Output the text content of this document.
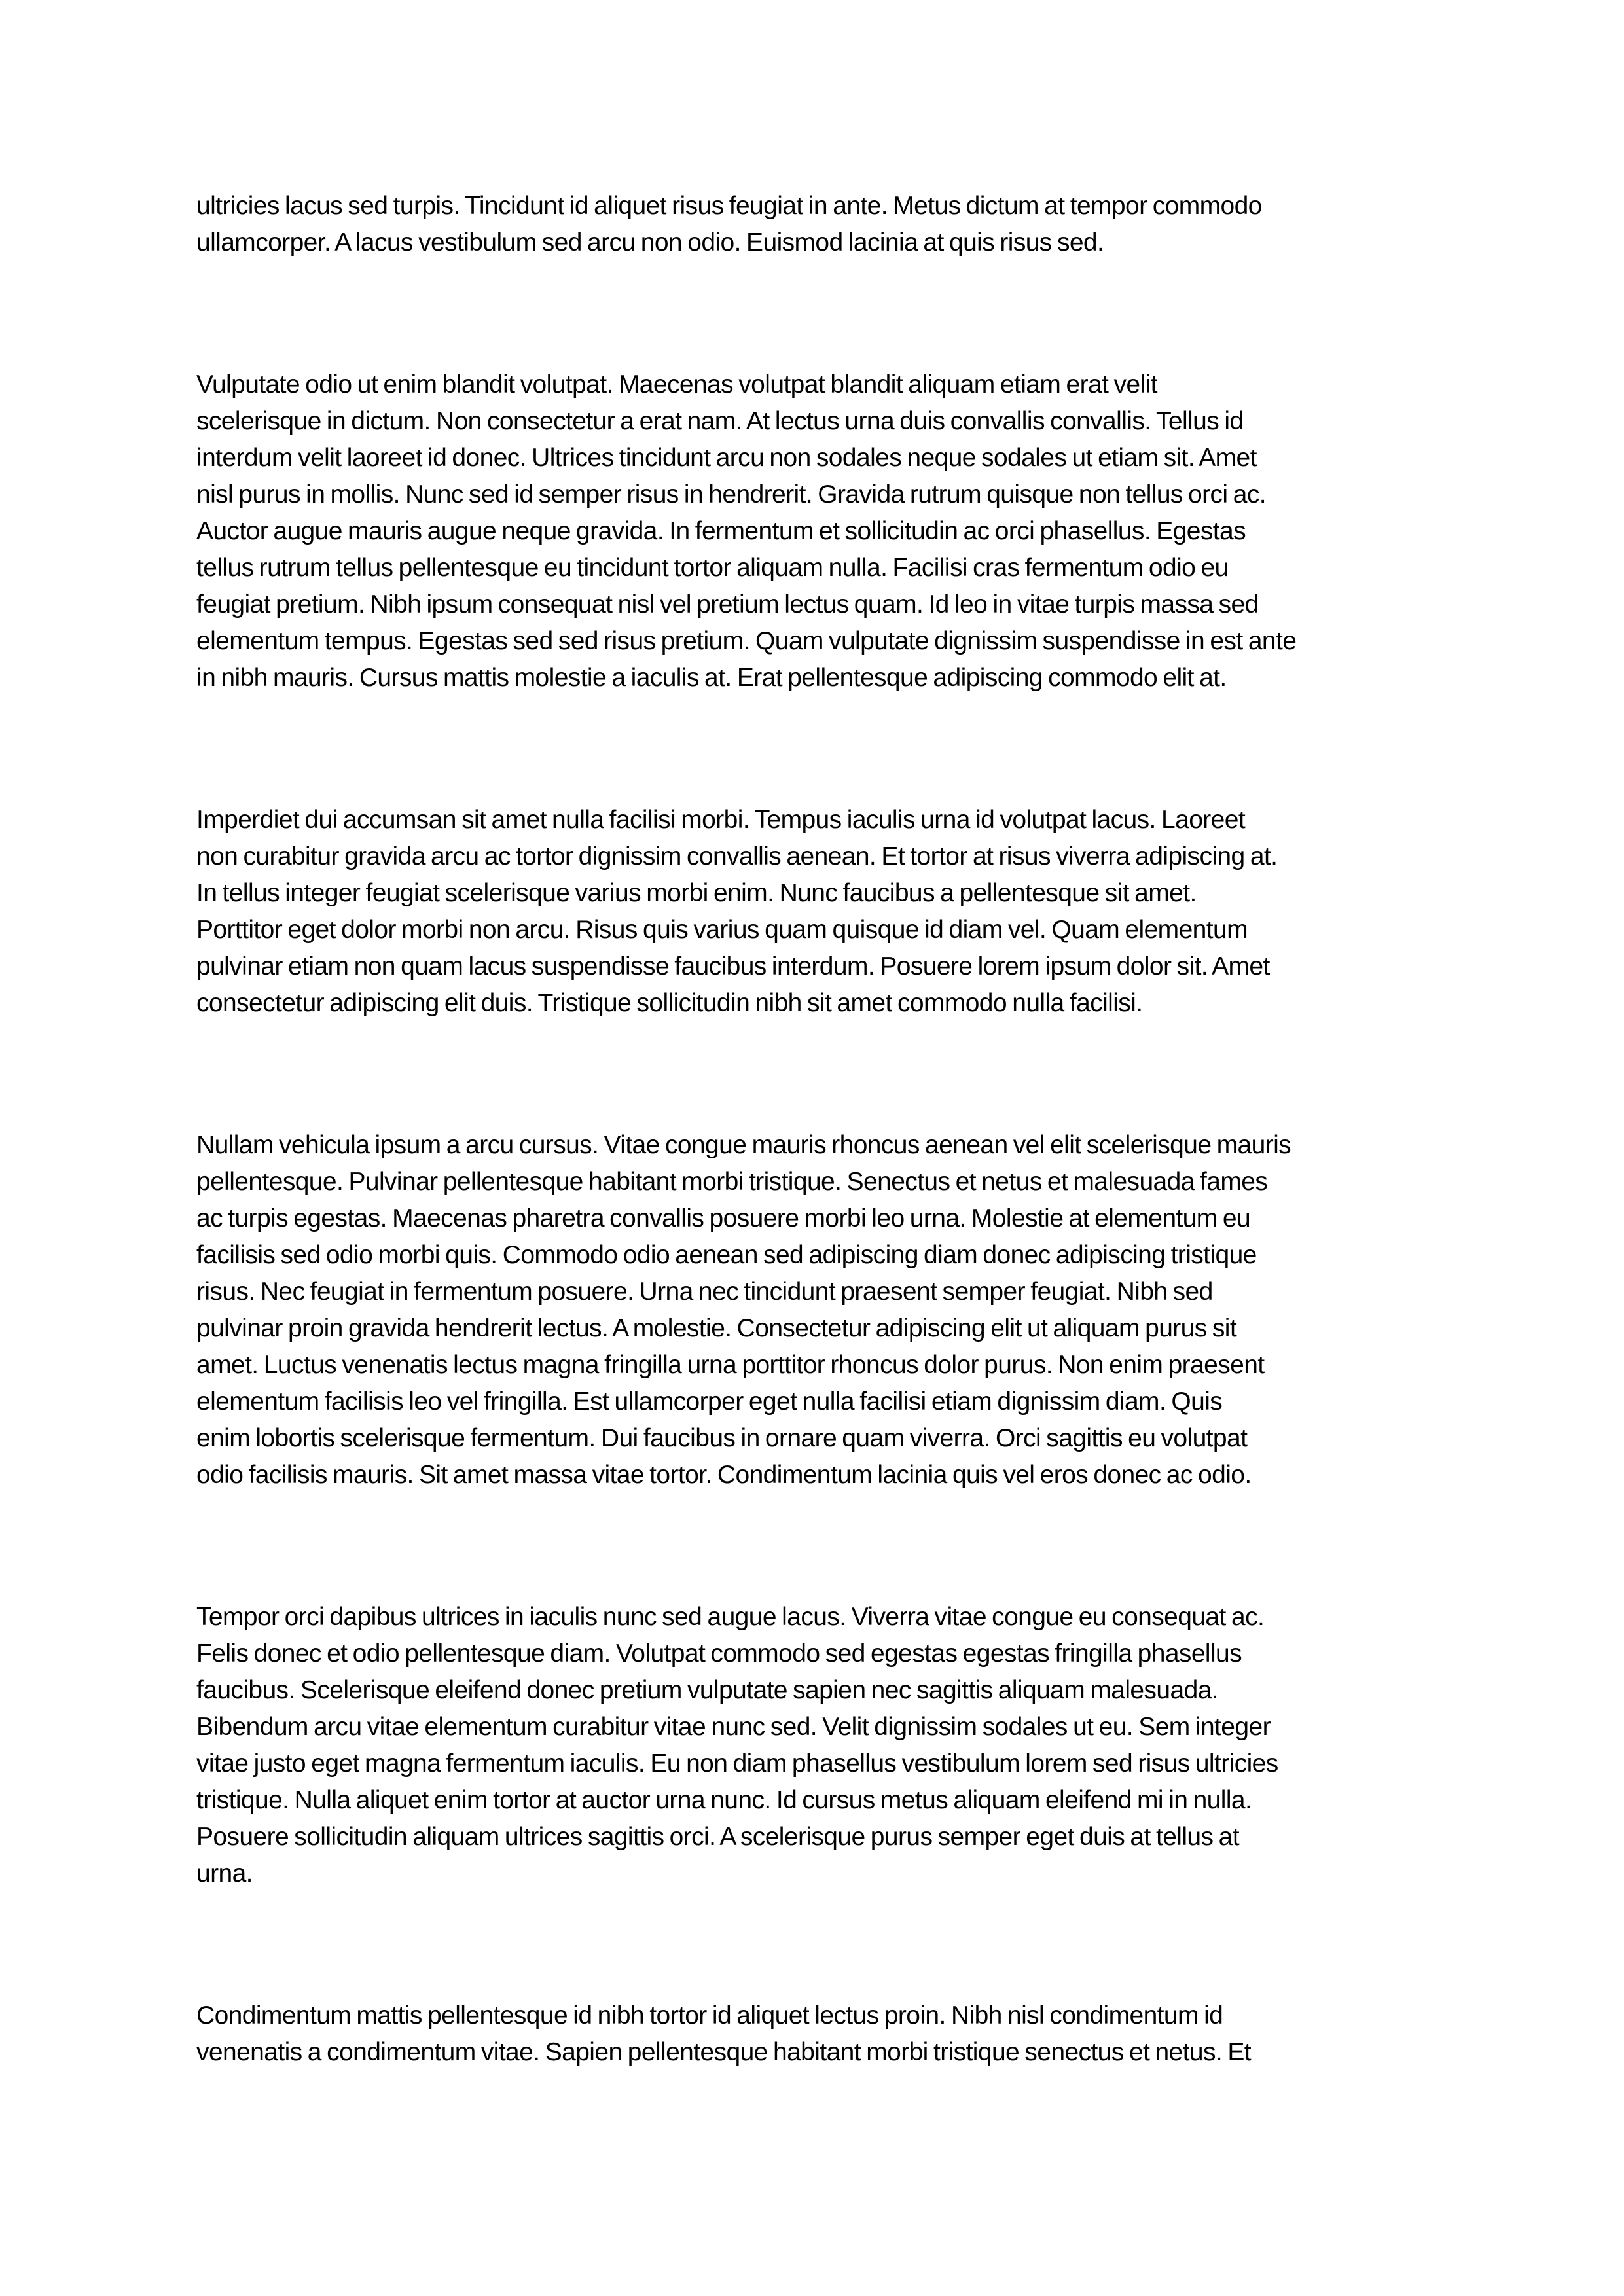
ultricies lacus sed turpis. Tincidunt id aliquet risus feugiat in ante. Metus dictum at tempor commodo
ullamcorper. A lacus vestibulum sed arcu non odio. Euismod lacinia at quis risus sed.
Vulputate odio ut enim blandit volutpat. Maecenas volutpat blandit aliquam etiam erat velit
scelerisque in dictum. Non consectetur a erat nam. At lectus urna duis convallis convallis. Tellus id
interdum velit laoreet id donec. Ultrices tincidunt arcu non sodales neque sodales ut etiam sit. Amet
nisl purus in mollis. Nunc sed id semper risus in hendrerit. Gravida rutrum quisque non tellus orci ac.
Auctor augue mauris augue neque gravida. In fermentum et sollicitudin ac orci phasellus. Egestas
tellus rutrum tellus pellentesque eu tincidunt tortor aliquam nulla. Facilisi cras fermentum odio eu
feugiat pretium. Nibh ipsum consequat nisl vel pretium lectus quam. Id leo in vitae turpis massa sed
elementum tempus. Egestas sed sed risus pretium. Quam vulputate dignissim suspendisse in est ante
in nibh mauris. Cursus mattis molestie a iaculis at. Erat pellentesque adipiscing commodo elit at.
Imperdiet dui accumsan sit amet nulla facilisi morbi. Tempus iaculis urna id volutpat lacus. Laoreet
non curabitur gravida arcu ac tortor dignissim convallis aenean. Et tortor at risus viverra adipiscing at.
In tellus integer feugiat scelerisque varius morbi enim. Nunc faucibus a pellentesque sit amet.
Porttitor eget dolor morbi non arcu. Risus quis varius quam quisque id diam vel. Quam elementum
pulvinar etiam non quam lacus suspendisse faucibus interdum. Posuere lorem ipsum dolor sit. Amet
consectetur adipiscing elit duis. Tristique sollicitudin nibh sit amet commodo nulla facilisi.
Nullam vehicula ipsum a arcu cursus. Vitae congue mauris rhoncus aenean vel elit scelerisque mauris
pellentesque. Pulvinar pellentesque habitant morbi tristique. Senectus et netus et malesuada fames
ac turpis egestas. Maecenas pharetra convallis posuere morbi leo urna. Molestie at elementum eu
facilisis sed odio morbi quis. Commodo odio aenean sed adipiscing diam donec adipiscing tristique
risus. Nec feugiat in fermentum posuere. Urna nec tincidunt praesent semper feugiat. Nibh sed
pulvinar proin gravida hendrerit lectus. A molestie. Consectetur adipiscing elit ut aliquam purus sit
amet. Luctus venenatis lectus magna fringilla urna porttitor rhoncus dolor purus. Non enim praesent
elementum facilisis leo vel fringilla. Est ullamcorper eget nulla facilisi etiam dignissim diam. Quis
enim lobortis scelerisque fermentum. Dui faucibus in ornare quam viverra. Orci sagittis eu volutpat
odio facilisis mauris. Sit amet massa vitae tortor. Condimentum lacinia quis vel eros donec ac odio.
Tempor orci dapibus ultrices in iaculis nunc sed augue lacus. Viverra vitae congue eu consequat ac.
Felis donec et odio pellentesque diam. Volutpat commodo sed egestas egestas fringilla phasellus
faucibus. Scelerisque eleifend donec pretium vulputate sapien nec sagittis aliquam malesuada.
Bibendum arcu vitae elementum curabitur vitae nunc sed. Velit dignissim sodales ut eu. Sem integer
vitae justo eget magna fermentum iaculis. Eu non diam phasellus vestibulum lorem sed risus ultricies
tristique. Nulla aliquet enim tortor at auctor urna nunc. Id cursus metus aliquam eleifend mi in nulla.
Posuere sollicitudin aliquam ultrices sagittis orci. A scelerisque purus semper eget duis at tellus at
urna.
Condimentum mattis pellentesque id nibh tortor id aliquet lectus proin. Nibh nisl condimentum id
venenatis a condimentum vitae. Sapien pellentesque habitant morbi tristique senectus et netus. Et
